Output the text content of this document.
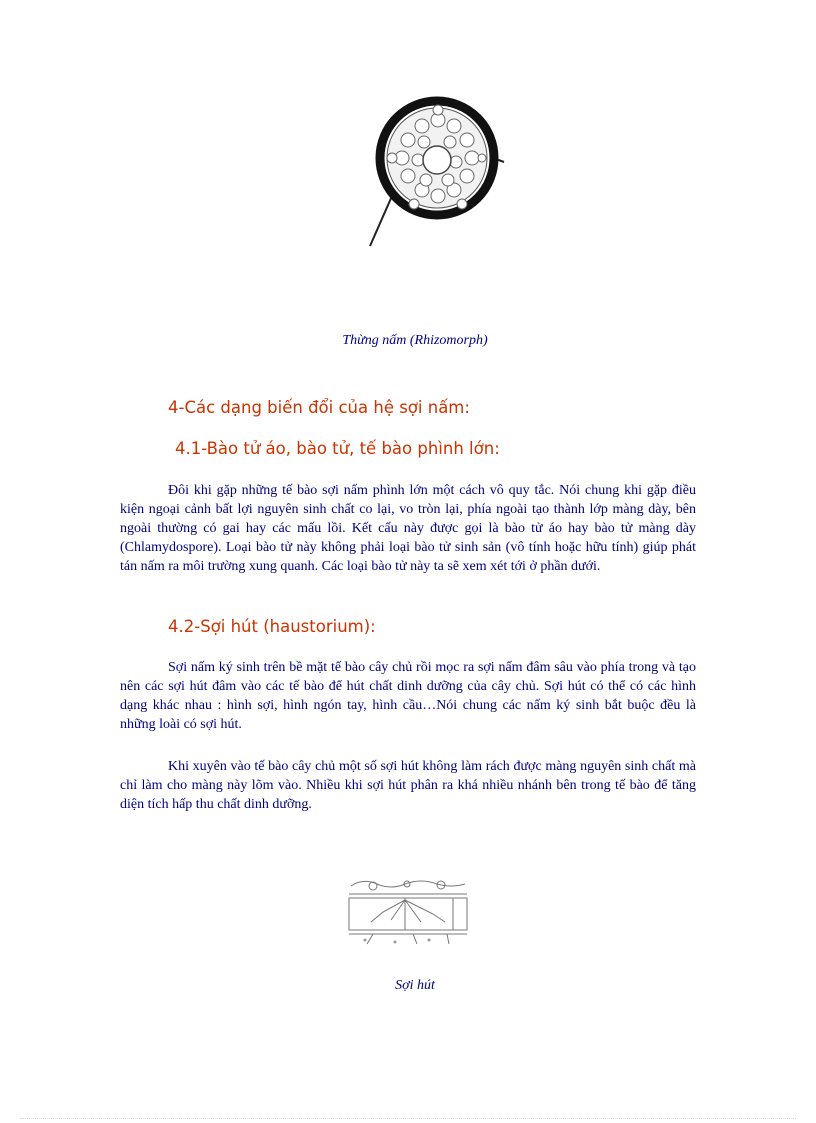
Thừng nấm (Rhizomorph)
4-Các dạng biến đổi của hệ sợi nấm:
4.1-Bào tử áo, bào tử, tế bào phình lớn:

Đôi khi gặp những tế bào sợi nấm phình lớn một cách vô quy tắc. Nói chung khi gặp điều kiện ngoại cảnh bất lợi nguyên sinh chất co lại, vo tròn lại, phía ngoài tạo thành lớp màng dày, bên ngoài thường có gai hay các mấu lồi. Kết cấu này được gọi là bào tử áo hay bào tử màng dày (Chlamydospore). Loại bào tử này không phải loại bào tử sinh sản (vô tính hoặc hữu tính) giúp phát tán nấm ra môi trường xung quanh. Các loại bào tử này ta sẽ xem xét tới ở phần dưới.

4.2-Sợi hút (haustorium):

Sợi nấm ký sinh trên bề mặt tế bào cây chủ rồi mọc ra sợi nấm đâm sâu vào phía trong và tạo nên các sợi hút đâm vào các tế bào để hút chất dinh dưỡng của cây chủ. Sợi hút có thể có các hình dạng khác nhau : hình sợi, hình ngón tay, hình cầu…Nói chung các nấm ký sinh bắt buộc đều là những loài có sợi hút.

Khi xuyên vào tế bào cây chủ một số sợi hút không làm rách được màng nguyên sinh chất mà chỉ làm cho màng này lõm vào. Nhiều khi sợi hút phân ra khá nhiều nhánh bên trong tế bào để tăng diện tích hấp thu chất dinh dưỡng.

Sợi hút
